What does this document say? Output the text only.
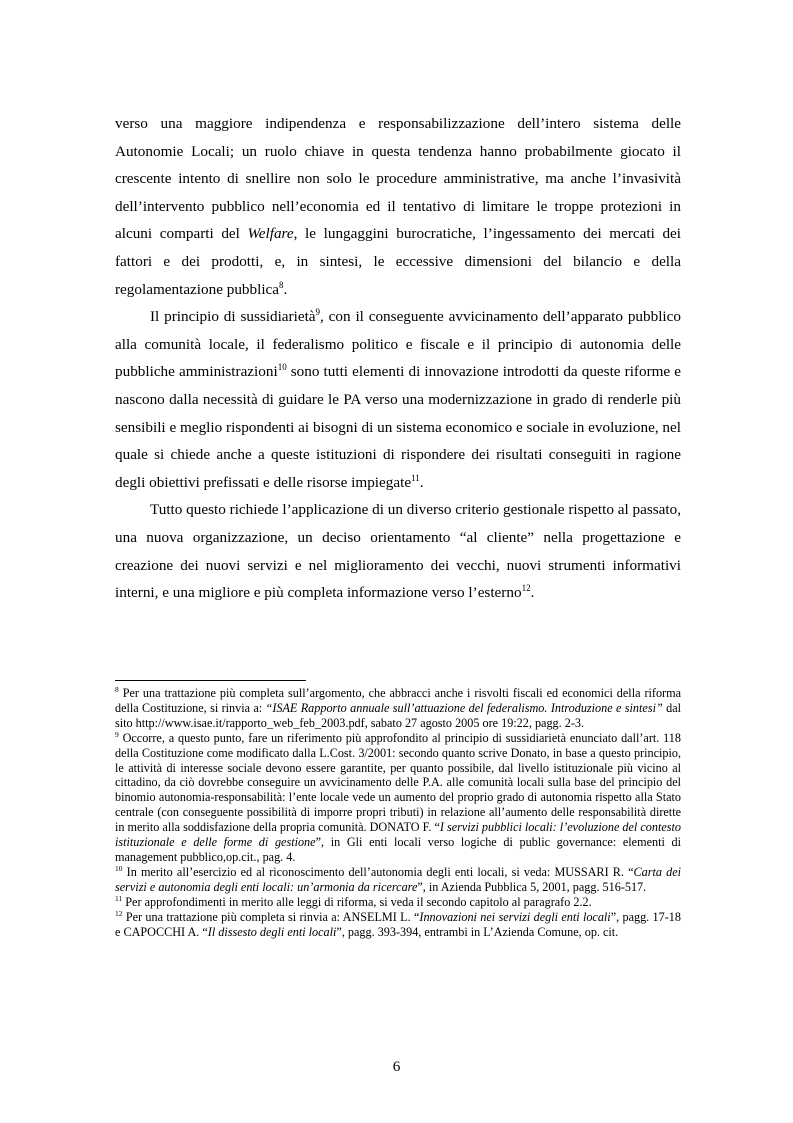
verso una maggiore indipendenza e responsabilizzazione dell’intero sistema delle Autonomie Locali; un ruolo chiave in questa tendenza hanno probabilmente giocato il crescente intento di snellire non solo le procedure amministrative, ma anche l’invasività dell’intervento pubblico nell’economia ed il tentativo di limitare le troppe protezioni in alcuni comparti del Welfare, le lungaggini burocratiche, l’ingessamento dei mercati dei fattori e dei prodotti, e, in sintesi, le eccessive dimensioni del bilancio e della regolamentazione pubblica$^8$.

Il principio di sussidiarietà$^9$, con il conseguente avvicinamento dell’apparato pubblico alla comunità locale, il federalismo politico e fiscale e il principio di autonomia delle pubbliche amministrazioni$^{10}$ sono tutti elementi di innovazione introdotti da queste riforme e nascono dalla necessità di guidare le PA verso una modernizzazione in grado di renderle più sensibili e meglio rispondenti ai bisogni di un sistema economico e sociale in evoluzione, nel quale si chiede anche a queste istituzioni di rispondere dei risultati conseguiti in ragione degli obiettivi prefissati e delle risorse impiegate$^{11}$.

Tutto questo richiede l’applicazione di un diverso criterio gestionale rispetto al passato, una nuova organizzazione, un deciso orientamento “al cliente” nella progettazione e creazione dei nuovi servizi e nel miglioramento dei vecchi, nuovi strumenti informativi interni, e una migliore e più completa informazione verso l’esterno$^{12}$.

$^8$ Per una trattazione più completa sull’argomento, che abbracci anche i risvolti fiscali ed economici della riforma della Costituzione, si rinvia a: “ISAE Rapporto annuale sull’attuazione del federalismo. Introduzione e sintesi” dal sito http://www.isae.it/rapporto_web_feb_2003.pdf, sabato 27 agosto 2005 ore 19:22, pagg. 2-3.

$^9$ Occorre, a questo punto, fare un riferimento più approfondito al principio di sussidiarietà enunciato dall’art. 118 della Costituzione come modificato dalla L.Cost. 3/2001: secondo quanto scrive Donato, in base a questo principio, le attività di interesse sociale devono essere garantite, per quanto possibile, dal livello istituzionale più vicino al cittadino, da ciò dovrebbe conseguire un avvicinamento delle P.A. alle comunità locali sulla base del principio del binomio autonomia-responsabilità: l’ente locale vede un aumento del proprio grado di autonomia rispetto alla Stato centrale (con conseguente possibilità di imporre propri tributi) in relazione all’aumento delle responsabilità dirette in merito alla soddisfazione della propria comunità. DONATO F. “I servizi pubblici locali: l’evoluzione del contesto istituzionale e delle forme di gestione”, in Gli enti locali verso logiche di public governance: elementi di management pubblico,op.cit., pag. 4.

$^{10}$ In merito all’esercizio ed al riconoscimento dell’autonomia degli enti locali, si veda: MUSSARI R. “Carta dei servizi e autonomia degli enti locali: un’armonia da ricercare”, in Azienda Pubblica 5, 2001, pagg. 516-517.

$^{11}$ Per approfondimenti in merito alle leggi di riforma, si veda il secondo capitolo al paragrafo 2.2.

$^{12}$ Per una trattazione più completa si rinvia a: ANSELMI L. “Innovazioni nei servizi degli enti locali”, pagg. 17-18 e CAPOCCHI A. “Il dissesto degli enti locali”, pagg. 393-394, entrambi in L’Azienda Comune, op. cit.

6
